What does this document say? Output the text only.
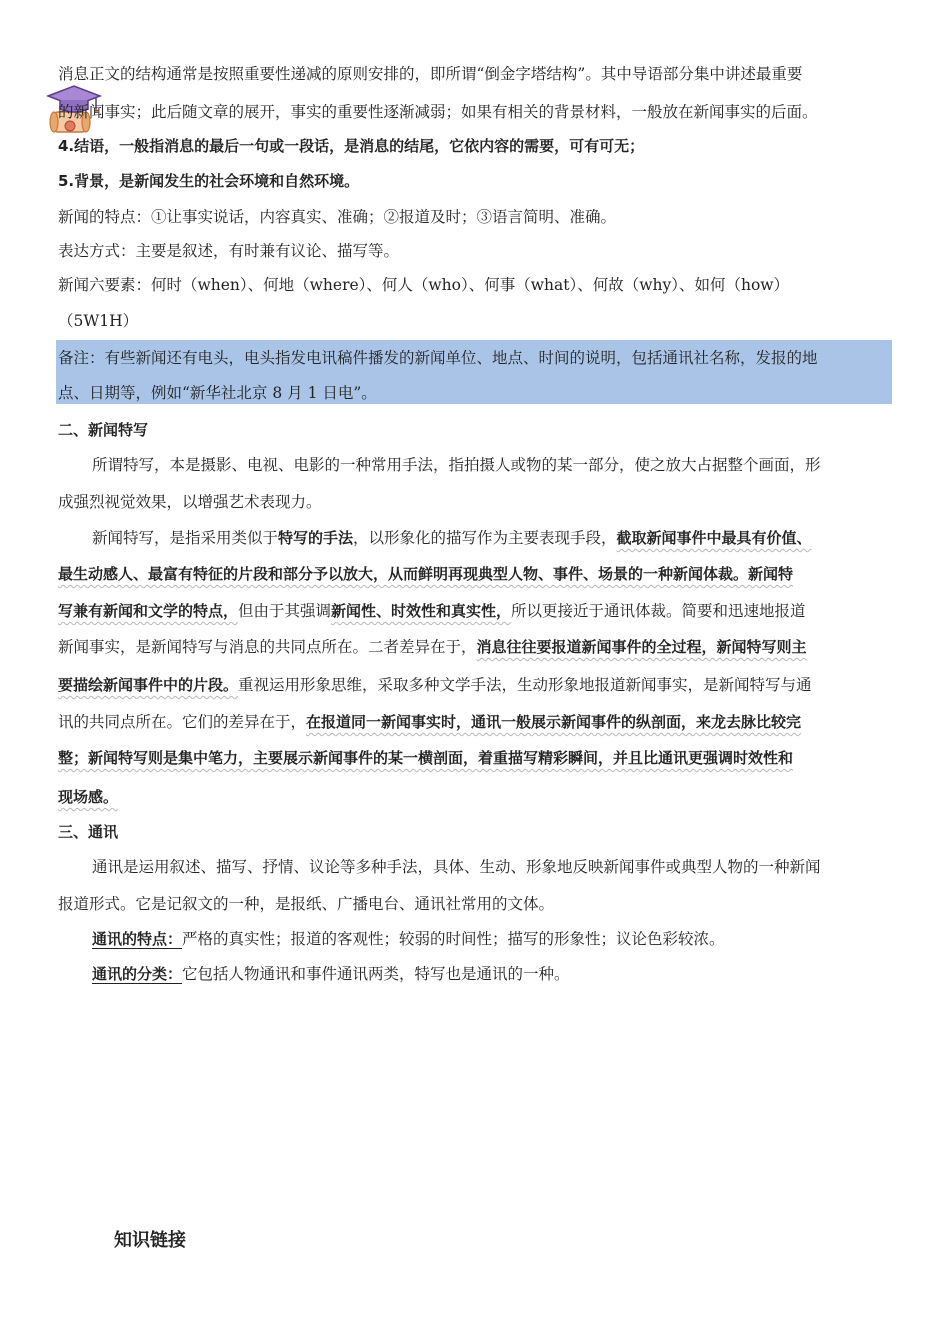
消息正文的结构通常是按照重要性递减的原则安排的，即所谓“倒金字塔结构”。其中导语部分集中讲述最重要
的新闻事实；此后随文章的展开，事实的重要性逐渐减弱；如果有相关的背景材料，一般放在新闻事实的后面。
4.结语，一般指消息的最后一句或一段话，是消息的结尾，它依内容的需要，可有可无；
5.背景，是新闻发生的社会环境和自然环境。
新闻的特点：①让事实说话，内容真实、准确；②报道及时；③语言简明、准确。
表达方式：主要是叙述，有时兼有议论、描写等。
新闻六要素：何时（when）、何地（where）、何人（who）、何事（what）、何故（why）、如何（how）
（5W1H）
备注：有些新闻还有电头，电头指发电讯稿件播发的新闻单位、地点、时间的说明，包括通讯社名称，发报的地
点、日期等，例如“新华社北京 8 月 1 日电”。
二、新闻特写
所谓特写，本是摄影、电视、电影的一种常用手法，指拍摄人或物的某一部分，使之放大占据整个画面，形
成强烈视觉效果，以增强艺术表现力。
新闻特写，是指采用类似于特写的手法，以形象化的描写作为主要表现手段，截取新闻事件中最具有价值、
最生动感人、最富有特征的片段和部分予以放大，从而鲜明再现典型人物、事件、场景的一种新闻体裁。新闻特
写兼有新闻和文学的特点，但由于其强调新闻性、时效性和真实性，所以更接近于通讯体裁。简要和迅速地报道
新闻事实，是新闻特写与消息的共同点所在。二者差异在于，消息往往要报道新闻事件的全过程，新闻特写则主
要描绘新闻事件中的片段。重视运用形象思维，采取多种文学手法，生动形象地报道新闻事实，是新闻特写与通
讯的共同点所在。它们的差异在于，在报道同一新闻事实时，通讯一般展示新闻事件的纵剖面，来龙去脉比较完
整；新闻特写则是集中笔力，主要展示新闻事件的某一横剖面，着重描写精彩瞬间，并且比通讯更强调时效性和
现场感。
三、通讯
通讯是运用叙述、描写、抒情、议论等多种手法，具体、生动、形象地反映新闻事件或典型人物的一种新闻
报道形式。它是记叙文的一种，是报纸、广播电台、通讯社常用的文体。
通讯的特点：严格的真实性；报道的客观性；较弱的时间性；描写的形象性；议论色彩较浓。
通讯的分类：它包括人物通讯和事件通讯两类，特写也是通讯的一种。
知识链接
